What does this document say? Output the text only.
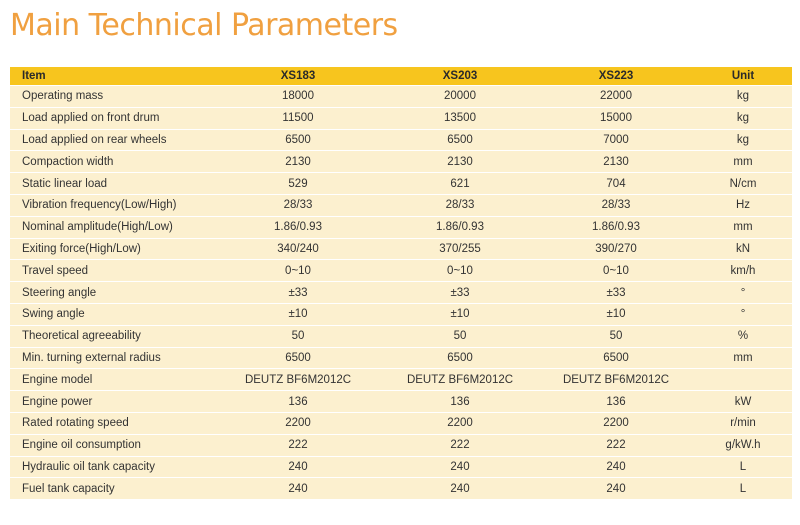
Main Technical Parameters
Item	XS183	XS203	XS223	Unit
Operating mass	18000	20000	22000	kg
Load applied on front drum	11500	13500	15000	kg
Load applied on rear wheels	6500	6500	7000	kg
Compaction width	2130	2130	2130	mm
Static linear load	529	621	704	N/cm
Vibration frequency(Low/High)	28/33	28/33	28/33	Hz
Nominal amplitude(High/Low)	1.86/0.93	1.86/0.93	1.86/0.93	mm
Exiting force(High/Low)	340/240	370/255	390/270	kN
Travel speed	0~10	0~10	0~10	km/h
Steering angle	±33	±33	±33	°
Swing angle	±10	±10	±10	°
Theoretical agreeability	50	50	50	%
Min. turning external radius	6500	6500	6500	mm
Engine model	DEUTZ BF6M2012C	DEUTZ BF6M2012C	DEUTZ BF6M2012C	
Engine power	136	136	136	kW
Rated rotating speed	2200	2200	2200	r/min
Engine oil consumption	222	222	222	g/kW.h
Hydraulic oil tank capacity	240	240	240	L
Fuel tank capacity	240	240	240	L
